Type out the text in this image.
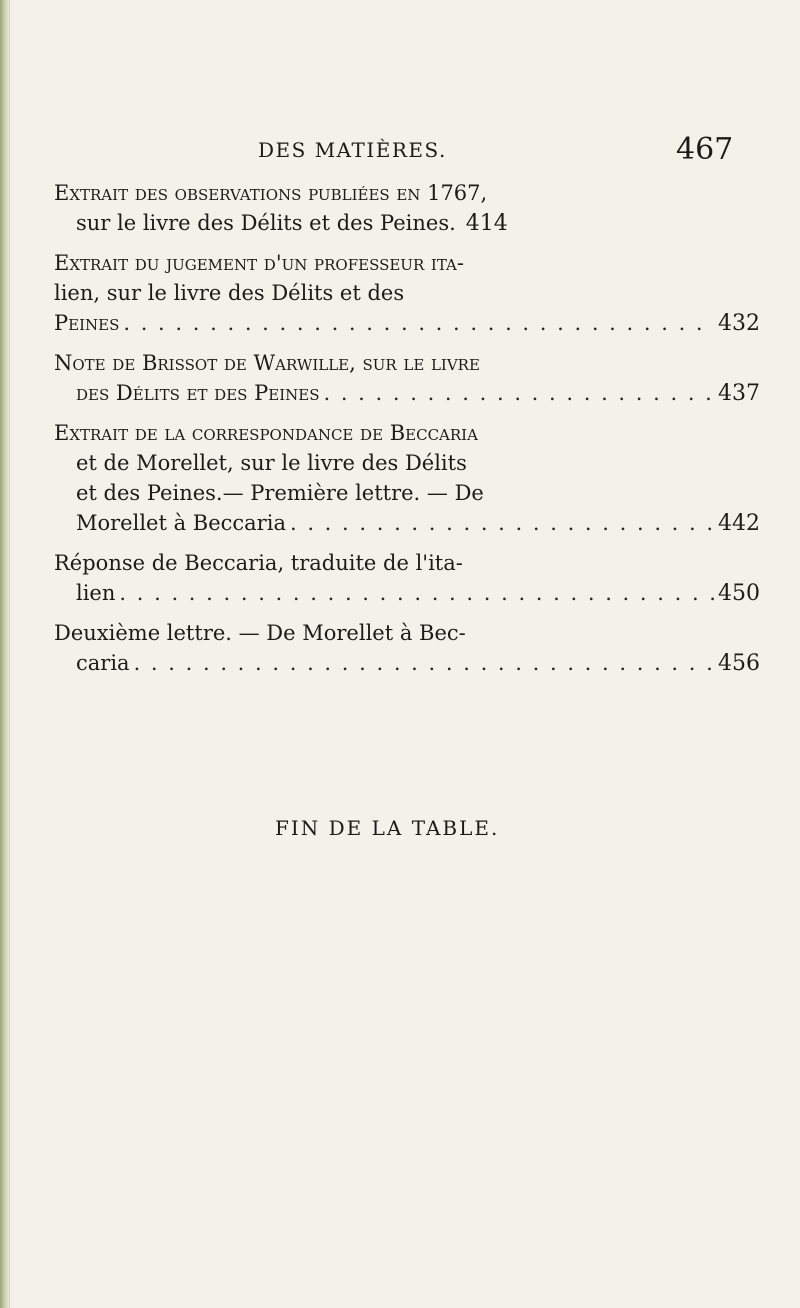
DES MATIÈRES.	467
Extrait des observations publiées en 1767,
sur le livre des Délits et des Peines. 414
Extrait du jugement d'un professeur ita-
lien, sur le livre des Délits et des
Peines . . .	432
Note de Brissot de Warwille, sur le livre
des Délits et des Peines . . .	437
Extrait de la correspondance de Beccaria
et de Morellet, sur le livre des Délits
et des Peines.— Première lettre. — De
Morellet à Beccaria . . .	442
Réponse de Beccaria, traduite de l'ita-
lien . . .	450
Deuxième lettre. — De Morellet à Bec-
caria . . .	456
FIN DE LA TABLE.
